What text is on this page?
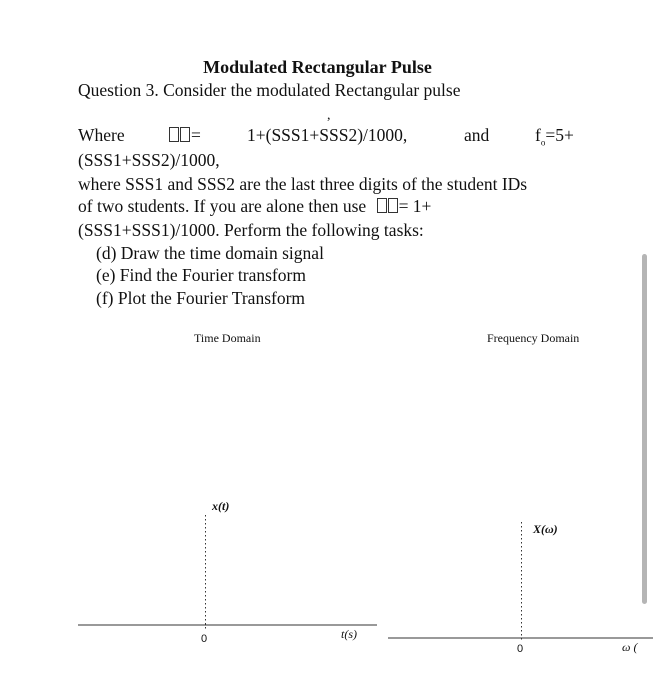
Modulated Rectangular Pulse
Question 3. Consider the modulated Rectangular pulse
Where	=	1+(SSS1+SSS2)/1000,
,
and	$f_o=5+$
(SSS1+SSS2)/1000,
where SSS1 and SSS2 are the last three digits of the student IDs
of two students. If you are alone then use = 1+
(SSS1+SSS1)/1000. Perform the following tasks:
(d) Draw the time domain signal
(e) Find the Fourier transform
(f) Plot the Fourier Transform
Time Domain	Frequency Domain
x(t)
t(s)
0
X(ω)
ω (
0
